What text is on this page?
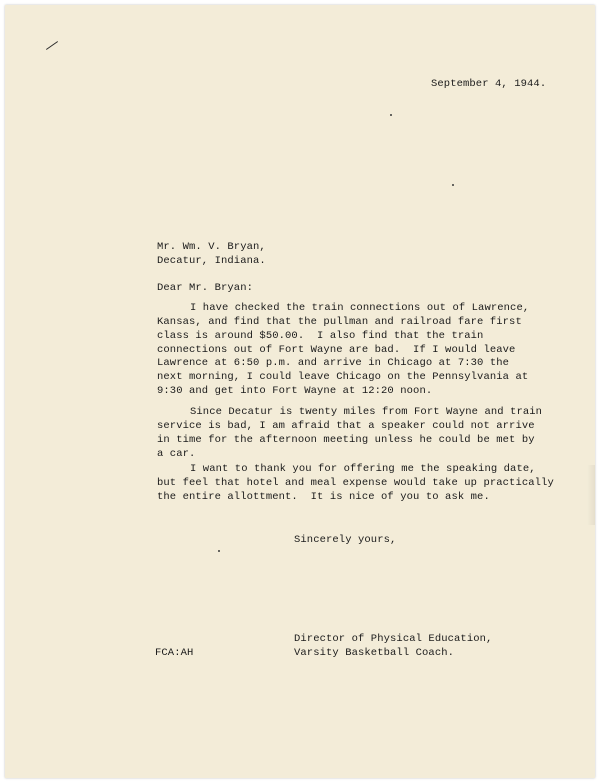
September 4, 1944.
Mr. Wm. V. Bryan,
Decatur, Indiana.
Dear Mr. Bryan:
I have checked the train connections out of Lawrence,
Kansas, and find that the pullman and railroad fare first
class is around $50.00.  I also find that the train
connections out of Fort Wayne are bad.  If I would leave
Lawrence at 6:50 p.m. and arrive in Chicago at 7:30 the
next morning, I could leave Chicago on the Pennsylvania at
9:30 and get into Fort Wayne at 12:20 noon.
Since Decatur is twenty miles from Fort Wayne and train
service is bad, I am afraid that a speaker could not arrive
in time for the afternoon meeting unless he could be met by
a car.
I want to thank you for offering me the speaking date,
but feel that hotel and meal expense would take up practically
the entire allottment.  It is nice of you to ask me.
Sincerely yours,
Director of Physical Education,
FCA:AH	Varsity Basketball Coach.
